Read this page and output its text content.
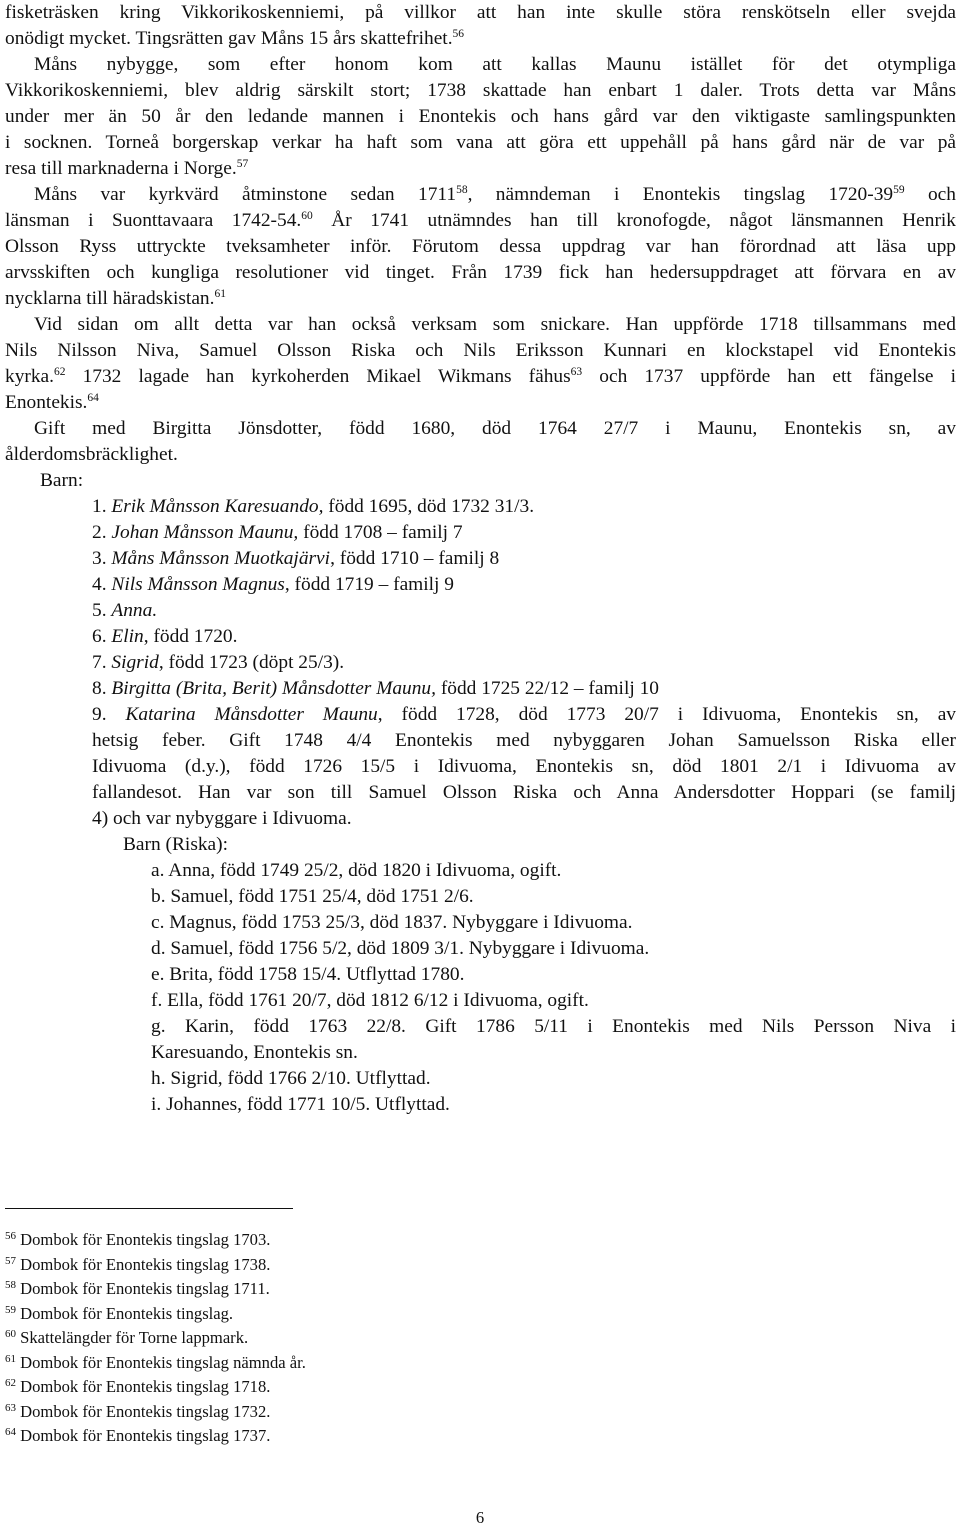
fisketräsken kring Vikkorikoskenniemi, på villkor att han inte skulle störa renskötseln eller svejda
onödigt mycket. Tingsrätten gav Måns 15 års skattefrihet.$^{56}$

Måns nybygge, som efter honom kom att kallas Maunu istället för det otympliga
Vikkorikoskenniemi, blev aldrig särskilt stort; 1738 skattade han enbart 1 daler. Trots detta var Måns
under mer än 50 år den ledande mannen i Enontekis och hans gård var den viktigaste samlingspunkten
i socknen. Torneå borgerskap verkar ha haft som vana att göra ett uppehåll på hans gård när de var på
resa till marknaderna i Norge.$^{57}$

Måns var kyrkvärd åtminstone sedan 1711$^{58}$, nämndeman i Enontekis tingslag $1720-39^{59}$ och
länsman i Suonttavaara 1742-54.60 År 1741 utnämndes han till kronofogde, något länsmannen Henrik
Olsson Ryss uttryckte tveksamheter inför. Förutom dessa uppdrag var han förordnad att läsa upp
arvsskiften och kungliga resolutioner vid tinget. Från 1739 fick han hedersuppdraget att förvara en av
nycklarna till häradskistan.$^{61}$

Vid sidan om allt detta var han också verksam som snickare. Han uppförde 1718 tillsammans med
Nils Nilsson Niva, Samuel Olsson Riska och Nils Eriksson Kunnari en klockstapel vid Enontekis
kyrka.$^{62}$ 1732 lagade han kyrkoherden Mikael Wikmans fähus$^{63}$ och 1737 uppförde han ett fängelse i
Enontekis.$^{64}$

Gift med Birgitta Jönsdotter, född 1680, död 1764 27/7 i Maunu, Enontekis sn, av
ålderdomsbräcklighet.

Barn:

1. Erik Månsson Karesuando, född 1695, död 1732 31/3.

2. Johan Månsson Maunu, född 1708 – familj 7

3. Måns Månsson Muotkajärvi, född 1710 – familj 8

4. Nils Månsson Magnus, född 1719 – familj 9

5. Anna.

6. Elin, född 1720.

7. Sigrid, född 1723 (döpt 25/3).

8. Birgitta (Brita, Berit) Månsdotter Maunu, född 1725 22/12 – familj 10

9. Katarina Månsdotter Maunu, född 1728, död 1773 20/7 i Idivuoma, Enontekis sn, av
hetsig feber. Gift 1748 4/4 Enontekis med nybyggaren Johan Samuelsson Riska eller
Idivuoma (d.y.), född 1726 15/5 i Idivuoma, Enontekis sn, död 1801 2/1 i Idivuoma av
fallandesot. Han var son till Samuel Olsson Riska och Anna Andersdotter Hoppari (se familj
4) och var nybyggare i Idivuoma.

Barn (Riska):

a. Anna, född 1749 25/2, död 1820 i Idivuoma, ogift.

b. Samuel, född 1751 25/4, död 1751 2/6.

c. Magnus, född 1753 25/3, död 1837. Nybyggare i Idivuoma.

d. Samuel, född 1756 5/2, död 1809 3/1. Nybyggare i Idivuoma.

e. Brita, född 1758 15/4. Utflyttad 1780.

f. Ella, född 1761 20/7, död 1812 6/12 i Idivuoma, ogift.

g. Karin, född 1763 22/8. Gift 1786 5/11 i Enontekis med Nils Persson Niva i
Karesuando, Enontekis sn.

h. Sigrid, född 1766 2/10. Utflyttad.

i. Johannes, född 1771 10/5. Utflyttad.

$^{56}$ Dombok för Enontekis tingslag 1703.
$^{57}$ Dombok för Enontekis tingslag 1738.
$^{58}$ Dombok för Enontekis tingslag 1711.
$^{59}$ Dombok för Enontekis tingslag.
$^{60}$ Skattelängder för Torne lappmark.
$^{61}$ Dombok för Enontekis tingslag nämnda år.
$^{62}$ Dombok för Enontekis tingslag 1718.
$^{63}$ Dombok för Enontekis tingslag 1732.
$^{64}$ Dombok för Enontekis tingslag 1737.
6
